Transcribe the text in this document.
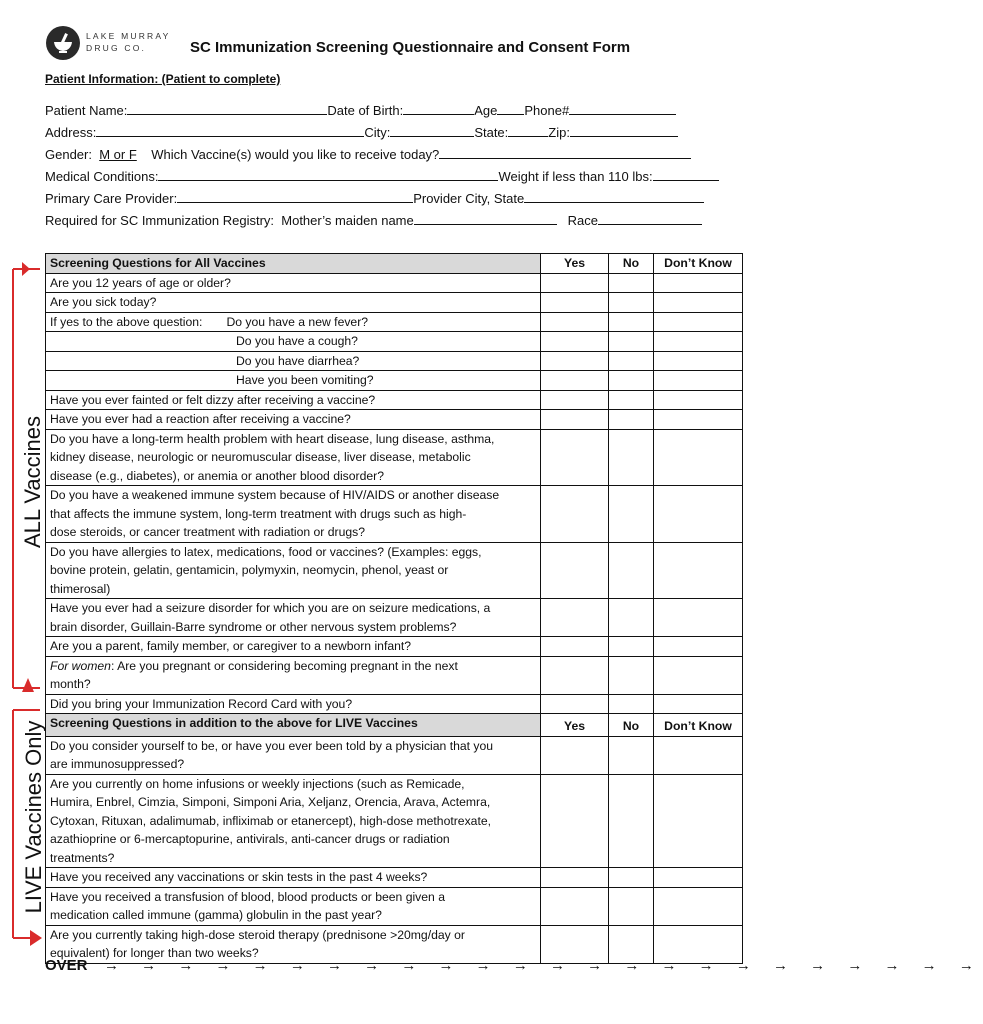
LAKE MURRAY
DRUG CO.	SC Immunization Screening Questionnaire and Consent Form
Patient Information: (Patient to complete)
Patient Name:	Date of Birth:	Age Phone#
Address:	City:	State:	Zip:
Gender: M or F Which Vaccine(s) would you like to receive today?
Medical Conditions:	Weight if less than 110 lbs:
Primary Care Provider:	Provider City, State
Required for SC Immunization Registry: Mother’s maiden name	Race
ALL Vaccines
LIVE Vaccines Only
Screening Questions for All Vaccines	Yes	No	Don’t Know
Are you 12 years of age or older?			
Are you sick today?			
If yes to the above question: Do you have a new fever?			
Do you have a cough?			
Do you have diarrhea?			
Have you been vomiting?			
Have you ever fainted or felt dizzy after receiving a vaccine?			
Have you ever had a reaction after receiving a vaccine?			
Do you have a long-term health problem with heart disease, lung disease, asthma,
kidney disease, neurologic or neuromuscular disease, liver disease, metabolic
disease (e.g., diabetes), or anemia or another blood disorder?			
Do you have a weakened immune system because of HIV/AIDS or another disease
that affects the immune system, long-term treatment with drugs such as high-
dose steroids, or cancer treatment with radiation or drugs?			
Do you have allergies to latex, medications, food or vaccines? (Examples: eggs,
bovine protein, gelatin, gentamicin, polymyxin, neomycin, phenol, yeast or
thimerosal)			
Have you ever had a seizure disorder for which you are on seizure medications, a
brain disorder, Guillain-Barre syndrome or other nervous system problems?			
Are you a parent, family member, or caregiver to a newborn infant?			
For women: Are you pregnant or considering becoming pregnant in the next
month?			
Did you bring your Immunization Record Card with you?			
Screening Questions in addition to the above for LIVE Vaccines	Yes	No	Don’t Know
Do you consider yourself to be, or have you ever been told by a physician that you
are immunosuppressed?			
Are you currently on home infusions or weekly injections (such as Remicade,
Humira, Enbrel, Cimzia, Simponi, Simponi Aria, Xeljanz, Orencia, Arava, Actemra,
Cytoxan, Rituxan, adalimumab, infliximab or etanercept), high-dose methotrexate,
azathioprine or 6-mercaptopurine, antivirals, anti-cancer drugs or radiation
treatments?			
Have you received any vaccinations or skin tests in the past 4 weeks?			
Have you received a transfusion of blood, blood products or been given a
medication called immune (gamma) globulin in the past year?			
Are you currently taking high-dose steroid therapy (prednisone >20mg/day or
equivalent) for longer than two weeks?			
OVER → → → → → → → → → → → → → → → → → → → → → → → →
